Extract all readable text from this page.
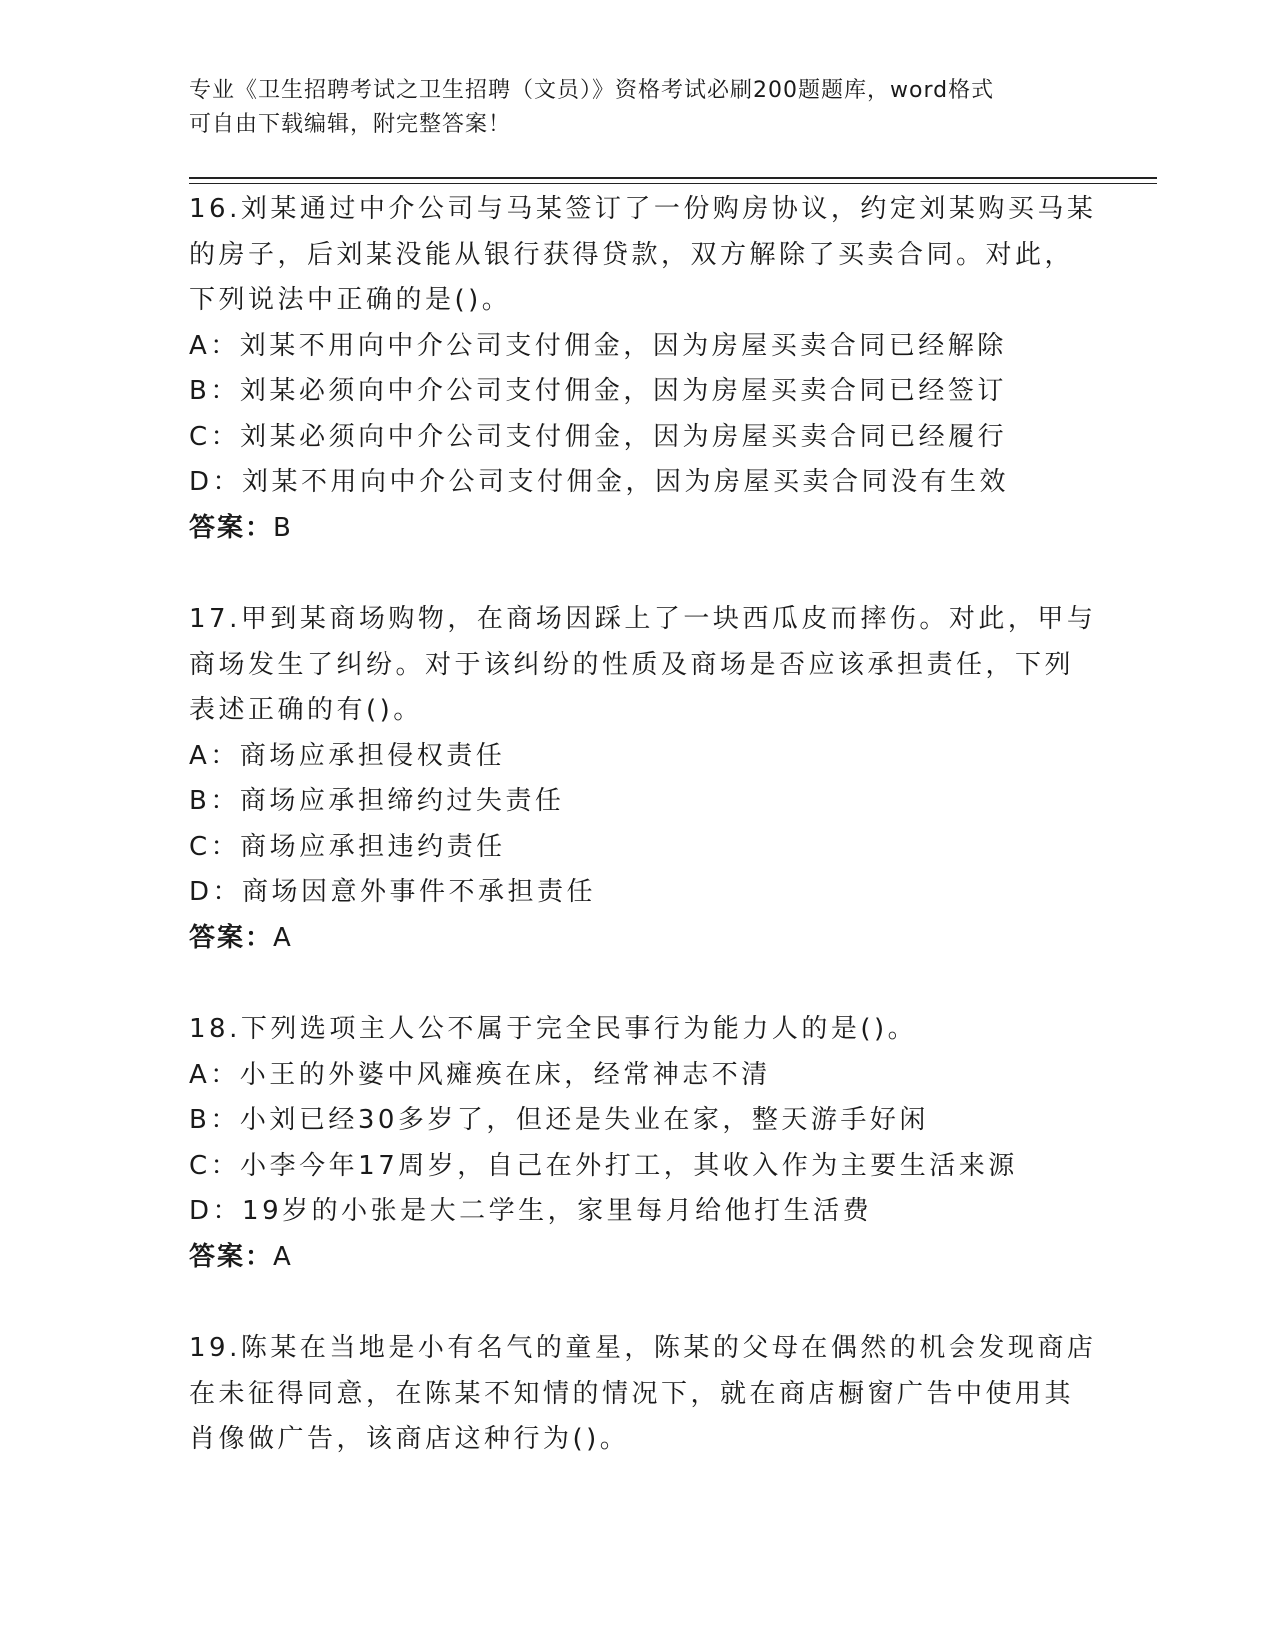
专业《卫生招聘考试之卫生招聘（文员）》资格考试必刷200题题库，word格式
可自由下载编辑，附完整答案！
16.刘某通过中介公司与马某签订了一份购房协议，约定刘某购买马某
的房子，后刘某没能从银行获得贷款，双方解除了买卖合同。对此，
下列说法中正确的是()。
A：刘某不用向中介公司支付佣金，因为房屋买卖合同已经解除
B：刘某必须向中介公司支付佣金，因为房屋买卖合同已经签订
C：刘某必须向中介公司支付佣金，因为房屋买卖合同已经履行
D：刘某不用向中介公司支付佣金，因为房屋买卖合同没有生效
答案：B
17.甲到某商场购物，在商场因踩上了一块西瓜皮而摔伤。对此，甲与
商场发生了纠纷。对于该纠纷的性质及商场是否应该承担责任，下列
表述正确的有()。
A：商场应承担侵权责任
B：商场应承担缔约过失责任
C：商场应承担违约责任
D：商场因意外事件不承担责任
答案：A
18.下列选项主人公不属于完全民事行为能力人的是()。
A：小王的外婆中风瘫痪在床，经常神志不清
B：小刘已经30多岁了，但还是失业在家，整天游手好闲
C：小李今年17周岁，自己在外打工，其收入作为主要生活来源
D：19岁的小张是大二学生，家里每月给他打生活费
答案：A
19.陈某在当地是小有名气的童星，陈某的父母在偶然的机会发现商店
在未征得同意，在陈某不知情的情况下，就在商店橱窗广告中使用其
肖像做广告，该商店这种行为()。
